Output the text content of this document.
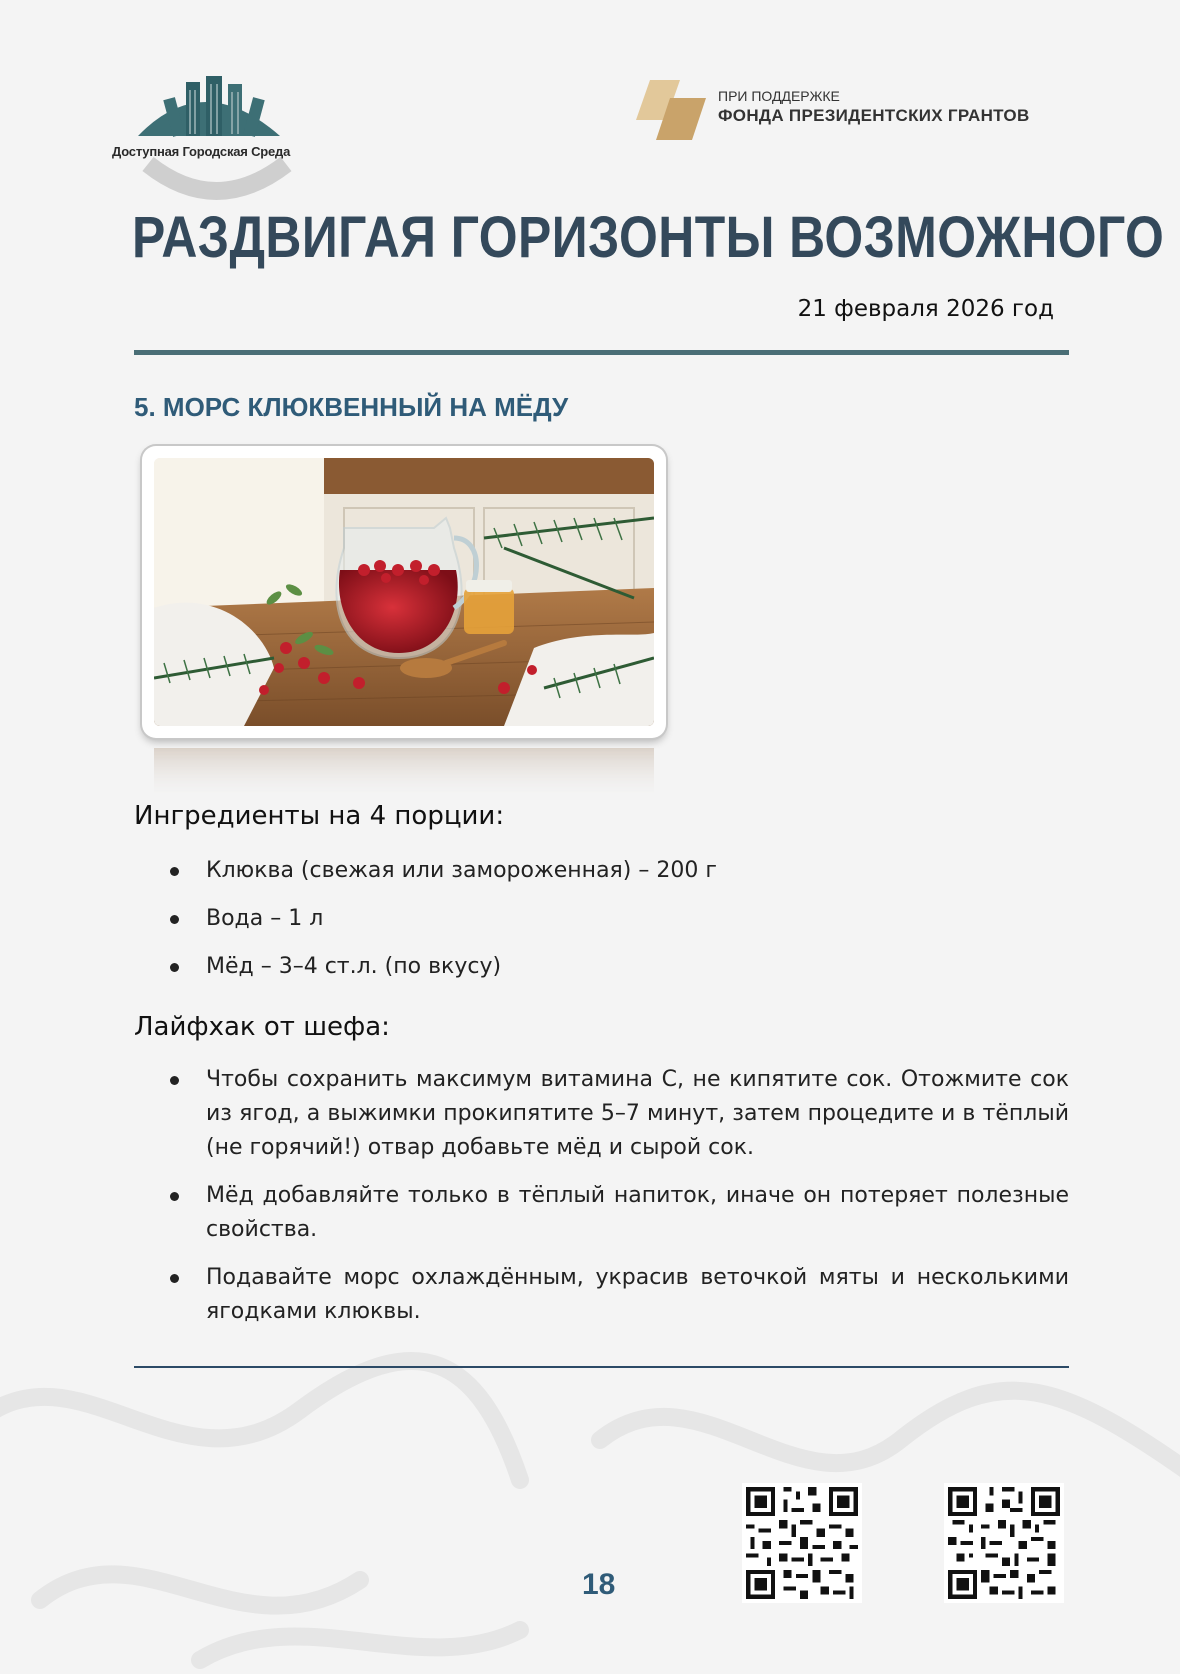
Доступная Городская Среда
ПРИ ПОДДЕРЖКЕ
ФОНДА ПРЕЗИДЕНТСКИХ ГРАНТОВ
РАЗДВИГАЯ ГОРИЗОНТЫ ВОЗМОЖНОГО
21 февраля 2026 год
5. МОРС КЛЮКВЕННЫЙ НА МЁДУ
Ингредиенты на 4 порции:
Клюква (свежая или замороженная) – 200 г
Вода – 1 л
Мёд – 3–4 ст.л. (по вкусу)
Лайфхак от шефа:
Чтобы сохранить максимум витамина С, не кипятите сок. Отожмите сок из ягод, а выжимки прокипятите 5–7 минут, затем процедите и в тёплый (не горячий!) отвар добавьте мёд и сырой сок.
Мёд добавляйте только в тёплый напиток, иначе он потеряет полезные свойства.
Подавайте морс охлаждённым, украсив веточкой мяты и несколькими ягодками клюквы.
18
